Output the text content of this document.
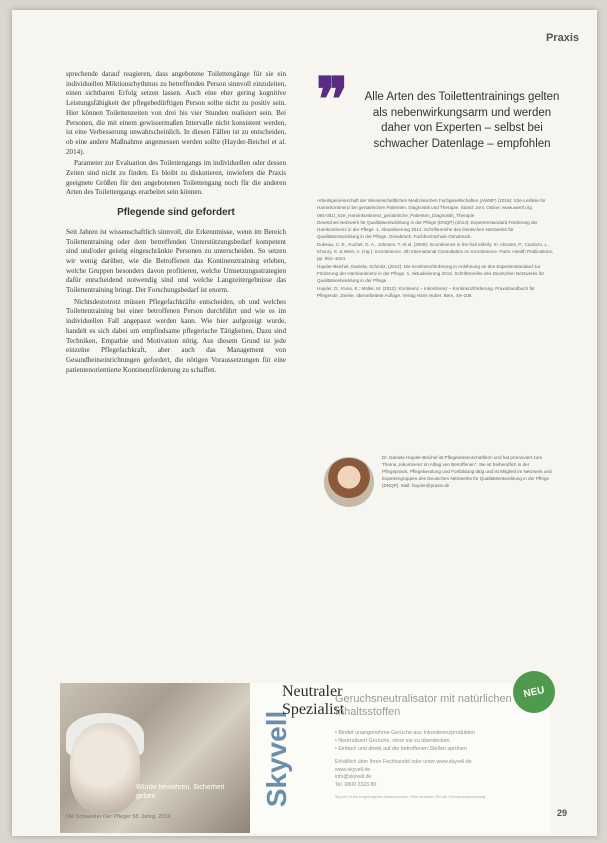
Praxis

sprechende darauf reagieren, dass angebotene Toilettengänge für sie ein individuellen Miktionsrhythmus zu betreffenden Person sinnvoll einzuleiten, einen sichtbaren Erfolg setzen lassen. Auch eine eher gering kognitive Leistungsfähigkeit der pflegebedürftigen Person sollte nicht zu positiv sein. Hier können Toilettenzeiten von drei bis vier Stunden realisiert sein. Bei Personen, die mit einem gewissermaßen Intervalle nicht konsistent werden, ist eine Verbesserung unwahrscheinlich. In diesen Fällen ist zu entscheiden, ob eine andere Maßnahme angemessen werden sollte (Hayder-Beichel et al. 2014).

Parameter zur Evaluation des Toilettengangs im individuellen oder dessen Zeiten sind nicht zu finden. Es bleibt zu diskutieren, inwiefern die Praxis geeignete Größen für den angebotenen Toilettengang noch für die anderen Arten des Toilettengangs erarbeitet sein können.

Pflegende sind gefordert

Seit Jahren ist wissenschaftlich sinnvoll, die Erkenntnisse, wenn im Bereich Toilettentraining oder dem betreffenden Unterstützungsbedarf kompetent sind und/oder geistig eingeschränkte Personen zu unterscheiden. So setzen wir wenig darüber, wie die Betroffenen das Kontinenztraining erleben, welche Gruppen besonders davon profitieren, welche Umsetzungsstrategien dafür entscheidend notwendig sind und welche Langzeitergebnisse das Toilettentraining bringt. Der Forschungsbedarf ist enorm.

Nichtsdestotrotz müssen Pflegefachkräfte entscheiden, ob und welches Toilettentraining bei einer betroffenen Person durchführt und wie es im individuellen Fall angepasst werden kann. Wie hier aufgezeigt wurde, handelt es sich dabei um empfindsame pflegerische Tätigkeiten, Dazu sind Techniken, Empathie und Motivation nötig. Aus diesem Grund ist jede einzelne Pflegefachkraft, aber auch das Management von Gesundheitseinrichtungen gefordert, die nötigen Voraussetzungen für eine patientenorientierte Kontinenzförderung zu schaffen.

❞ Alle Arten des Toilettentrainings gelten als nebenwirkungsarm und werden daher von Experten – selbst bei schwacher Datenlage – empfohlen

Arbeitsgemeinschaft der Wissenschaftlichen Medizinischen Fachgesellschaften (AWMF) (2019): S2e-Leitlinie für Harninkontinenz bei geriatrischen Patienten, Diagnostik und Therapie. Stand: Juni. Online: www.awmf.org

084-001l_S2e_Harninkontinenz_geriatrische_Patienten_Diagnostik_Therapie

Deutsches Netzwerk für Qualitätsentwicklung in der Pflege (DNQP) (2014): Expertenstandard Förderung der Harnkontinenz in der Pflege. 1. Aktualisierung 2014. Schriftenreihe des Deutschen Netzwerks für Qualitätsentwicklung in der Pflege. Osnabrück: Fachhochschule Osnabrück.

Dubeau, C. E., Kuchel, G. A., Johnson, T. et al. (2009): Incontinence in the frail elderly. In: Abrams, P., Cardozo, L., Khoury, S. & Wein, A. (Hg.): Incontinence. 4th International Consultation on Incontinence. Paris: Health Publications, pp. 961–1024.

Hayder-Beichel, Daniela; Schmitz, (2014): Die Kontinenzförderung in Anlehnung an den Expertenstandard zur Förderung der Harnkontinenz in der Pflege. 1. Aktualisierung 2014. Schriftenreihe des Deutschen Netzwerks für Qualitätsentwicklung in der Pflege.

Hayder, D.; Kuno, E.; Müller, M. (2012): Kontinenz – Inkontinenz – Kontinenzförderung. Praxishandbuch für Pflegende. Zweite, überarbeitete Auflage. Verlag Hans Huber. Bern, 49–108.

Dr. Daniela Hayder-Beichel ist Pflegewissenschaftlerin und hat promoviert zum Thema „Inkontinenz im Alltag von Betroffenen“. Sie ist freiberuflich in der Pflegepraxis, Pflegeberatung und Fortbildung tätig und ist Mitglied im Netzwerk und Expertengruppen des Deutschen Netzwerks für Qualitätsentwicklung in der Pflege (DNQP). Mail: hayder@praxis.de
Würde bewahren. Sicherheit geben.	Skyvell
Neutraler Spezialist
NEU
Geruchsneutralisator mit natürlichen Inhaltsstoffen
• Bindet unangenehme Gerüche aus Inkontinenzprodukten
• Neutralisiert Gerüche, ohne sie zu überdecken
• Einfach und direkt auf die betroffenen Stellen sprühen
Erhältlich über Ihren Fachhandel oder unter www.skyvell.de
www.skyvell.de
info@skyvell.de
Tel. 0800 2323 80
Skyvell ist ein eingetragenes Warenzeichen. Bitte beachten Sie die Gebrauchsanweisung.
Die Schwester Der Pfleger 58. Jahrg. 2019	29
